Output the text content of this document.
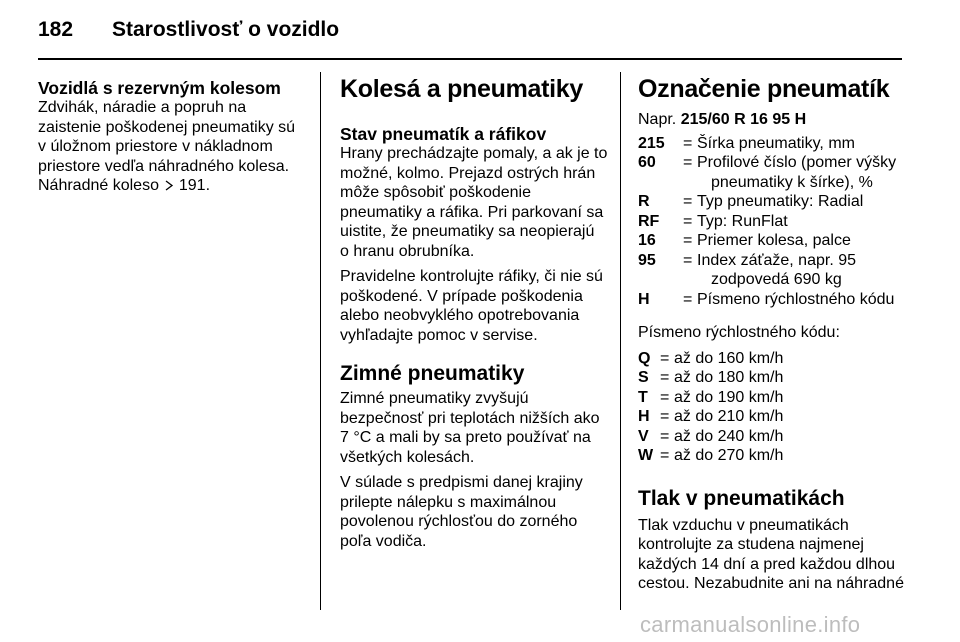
182 Starostlivosť o vozidlo
Vozidlá s rezervným kolesom
Zdvihák, náradie a popruh na
zaistenie poškodenej pneumatiky sú
v úložnom priestore v nákladnom
priestore vedľa náhradného kolesa.
Náhradné koleso 191.
Kolesá a pneumatiky
Stav pneumatík a ráfikov
Hrany prechádzajte pomaly, a ak je to
možné, kolmo. Prejazd ostrých hrán
môže spôsobiť poškodenie
pneumatiky a ráfika. Pri parkovaní sa
uistite, že pneumatiky sa neopierajú
o hranu obrubníka.
Pravidelne kontrolujte ráfiky, či nie sú
poškodené. V prípade poškodenia
alebo neobvyklého opotrebovania
vyhľadajte pomoc v servise.
Zimné pneumatiky
Zimné pneumatiky zvyšujú
bezpečnosť pri teplotách nižších ako
7 °C a mali by sa preto používať na
všetkých kolesách.
V súlade s predpismi danej krajiny
prilepte nálepku s maximálnou
povolenou rýchlosťou do zorného
poľa vodiča.
Označenie pneumatík
Napr. 215/60 R 16 95 H
215	= Šírka pneumatiky, mm
60	= Profilové číslo (pomer výšky
pneumatiky k šírke), %
R	= Typ pneumatiky: Radial
RF	= Typ: RunFlat
16	= Priemer kolesa, palce
95	= Index záťaže, napr. 95
zodpovedá 690 kg
H	= Písmeno rýchlostného kódu
Písmeno rýchlostného kódu:
Q = až do 160 km/h
S = až do 180 km/h
T = až do 190 km/h
H = až do 210 km/h
V = až do 240 km/h
W = až do 270 km/h
Tlak v pneumatikách
Tlak vzduchu v pneumatikách
kontrolujte za studena najmenej
každých 14 dní a pred každou dlhou
cestou. Nezabudnite ani na náhradné
carmanualsonline.info
